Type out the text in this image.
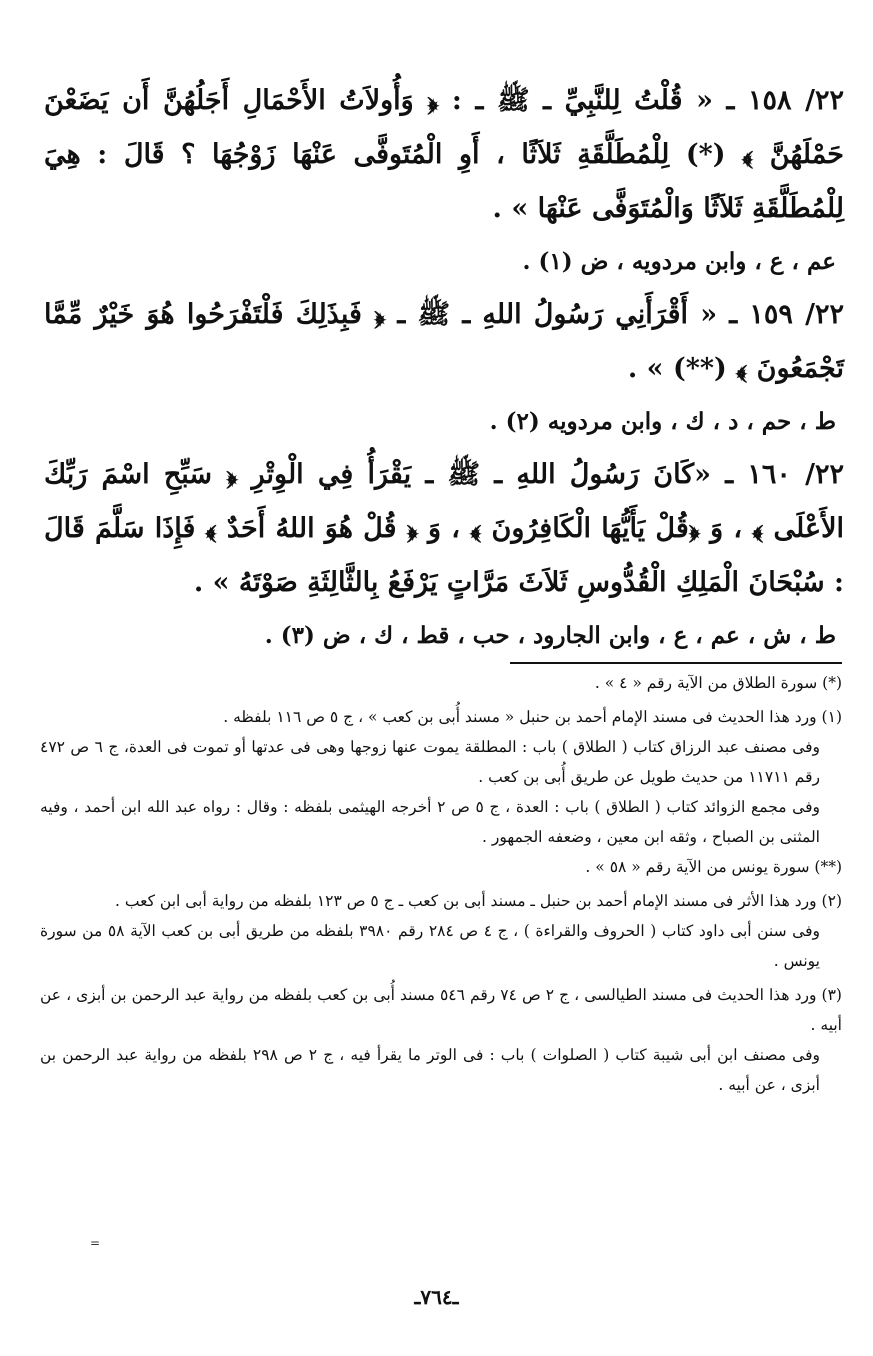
٢٢/ ١٥٨ ـ « قُلْتُ لِلنَّبِيِّ ـ ﷺ ـ : ﴿ وَأُولاَتُ الأَحْمَالِ أَجَلُهُنَّ أَن يَضَعْنَ حَمْلَهُنَّ ﴾ (*) لِلْمُطَلَّقَةِ ثَلاَثًا ، أَوِ الْمُتَوفَّى عَنْهَا زَوْجُهَا ؟ قَالَ : هِيَ لِلْمُطَلَّقَةِ ثَلاَثًا وَالْمُتَوَفَّى عَنْهَا » .
عم ، ع ، وابن مردويه ، ض (١) .
٢٢/ ١٥٩ ـ « أَقْرَأَنِي رَسُولُ اللهِ ـ ﷺ ـ ﴿ فَبِذَلِكَ فَلْتَفْرَحُوا هُوَ خَيْرٌ مِّمَّا تَجْمَعُونَ ﴾ (**) » .
ط ، حم ، د ، ك ، وابن مردويه (٢) .
٢٢/ ١٦٠ ـ «كَانَ رَسُولُ اللهِ ـ ﷺ ـ يَقْرَأُ فِي الْوِتْرِ ﴿ سَبِّحِ اسْمَ رَبِّكَ الأَعْلَى ﴾ ، وَ ﴿قُلْ يَأَيُّهَا الْكَافِرُونَ ﴾ ، وَ ﴿ قُلْ هُوَ اللهُ أَحَدٌ ﴾ فَإِذَا سَلَّمَ قَالَ : سُبْحَانَ الْمَلِكِ الْقُدُّوسِ ثَلاَثَ مَرَّاتٍ يَرْفَعُ بِالثَّالِثَةِ صَوْتَهُ » .
ط ، ش ، عم ، ع ، وابن الجارود ، حب ، قط ، ك ، ض (٣) .
(*) سورة الطلاق من الآية رقم « ٤ » .
(١) ورد هذا الحديث فى مسند الإمام أحمد بن حنبل « مسند أُبى بن كعب » ، ج ٥ ص ١١٦ بلفظه .
وفى مصنف عبد الرزاق كتاب ( الطلاق ) باب : المطلقة يموت عنها زوجها وهى فى عدتها أو تموت فى العدة، ج ٦ ص ٤٧٢ رقم ١١٧١١ من حديث طويل عن طريق أُبى بن كعب .
وفى مجمع الزوائد كتاب ( الطلاق ) باب : العدة ، ج ٥ ص ٢ أخرجه الهيثمى بلفظه : وقال : رواه عبد الله ابن أحمد ، وفيه المثنى بن الصباح ، وثقه ابن معين ، وضعفه الجمهور .
(**) سورة يونس من الآية رقم « ٥٨ » .
(٢) ورد هذا الأثر فى مسند الإمام أحمد بن حنبل ـ مسند أبى بن كعب ـ ج ٥ ص ١٢٣ بلفظه من رواية أبى ابن كعب .
وفى سنن أبى داود كتاب ( الحروف والقراءة ) ، ج ٤ ص ٢٨٤ رقم ٣٩٨٠ بلفظه من طريق أبى بن كعب الآية ٥٨ من سورة يونس .
(٣) ورد هذا الحديث فى مسند الطيالسى ، ج ٢ ص ٧٤ رقم ٥٤٦ مسند أُبى بن كعب بلفظه من رواية عبد الرحمن بن أبزى ، عن أبيه .
وفى مصنف ابن أبى شيبة كتاب ( الصلوات ) باب : فى الوتر ما يقرأ فيه ، ج ٢ ص ٢٩٨ بلفظه من رواية عبد الرحمن بن أبزى ، عن أبيه .
=
ـ٧٦٤ـ
